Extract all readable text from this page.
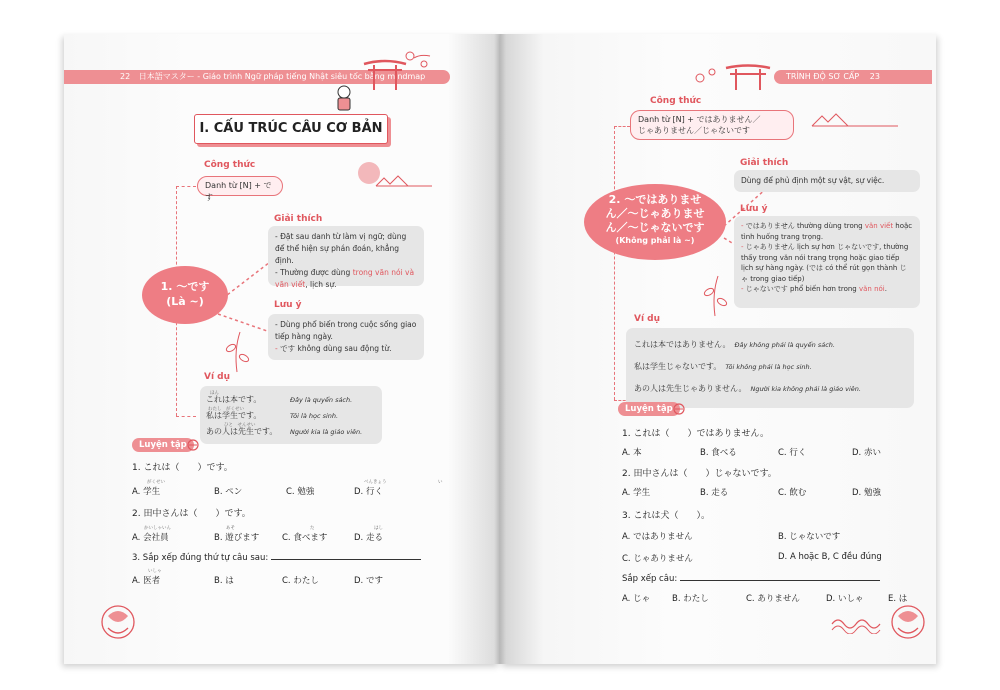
22 日本語マスター - Giáo trình Ngữ pháp tiếng Nhật siêu tốc bằng mindmap
I. CẤU TRÚC CÂU CƠ BẢN
Công thức
Danh từ [N] + です
1. ～です
(Là ~)
Giải thích
- Đặt sau danh từ làm vị ngữ; dùng để thể hiện sự phán đoán, khẳng định.
- Thường được dùng trong văn nói và văn viết, lịch sự.
Lưu ý
- Dùng phổ biến trong cuộc sống giao tiếp hàng ngày.
- です không dùng sau động từ.
Ví dụ
ほん
これは本です。	Đây là quyển sách.
わたし　がくせい
私は学生です。	Tôi là học sinh.
ひと　せんせい
あの人は先生です。 Người kia là giáo viên.
Luyện tập
1. これは（　　）です。
がくせい	べんきょう	い
A. 学生	B. ペン	C. 勉強	D. 行く
2. 田中さんは（　　）です。
かいしゃいん	あそ	た	はし
A. 会社員	B. 遊びます	C. 食べます	D. 走る
3. Sắp xếp đúng thứ tự câu sau:
いしゃ
A. 医者	B. は	C. わたし	D. です
TRÌNH ĐỘ SƠ CẤP 23
Công thức
Danh từ [N] + ではありません／
じゃありません／じゃないです
2. ～ではありませ
ん／～じゃありませ
ん／～じゃないです
(Không phải là ~)
Giải thích
Dùng để phủ định một sự vật, sự việc.
Lưu ý
- ではありません thường dùng trong văn viết hoặc tình huống trang trọng.
- じゃありません lịch sự hơn じゃないです, thường thấy trong văn nói trang trọng hoặc giao tiếp lịch sự hàng ngày. (では có thể rút gọn thành じゃ trong giao tiếp)
- じゃないです phổ biến hơn trong văn nói.
Ví dụ
これは本ではありません。　 Đây không phải là quyển sách.
私は学生じゃないです。　 Tôi không phải là học sinh.
あの人は先生じゃありません。　 Người kia không phải là giáo viên.
Luyện tập
1. これは（　　）ではありません。
A. 本	B. 食べる	C. 行く	D. 赤い
2. 田中さんは（　　）じゃないです。
A. 学生	B. 走る	C. 飲む	D. 勉強
3. これは犬（　　）。
A. ではありません	B. じゃないです
C. じゃありません	D. A hoặc B, C đều đúng
Sắp xếp câu:
A. じゃ	B. わたし	C. ありません	D. いしゃ	E. は
